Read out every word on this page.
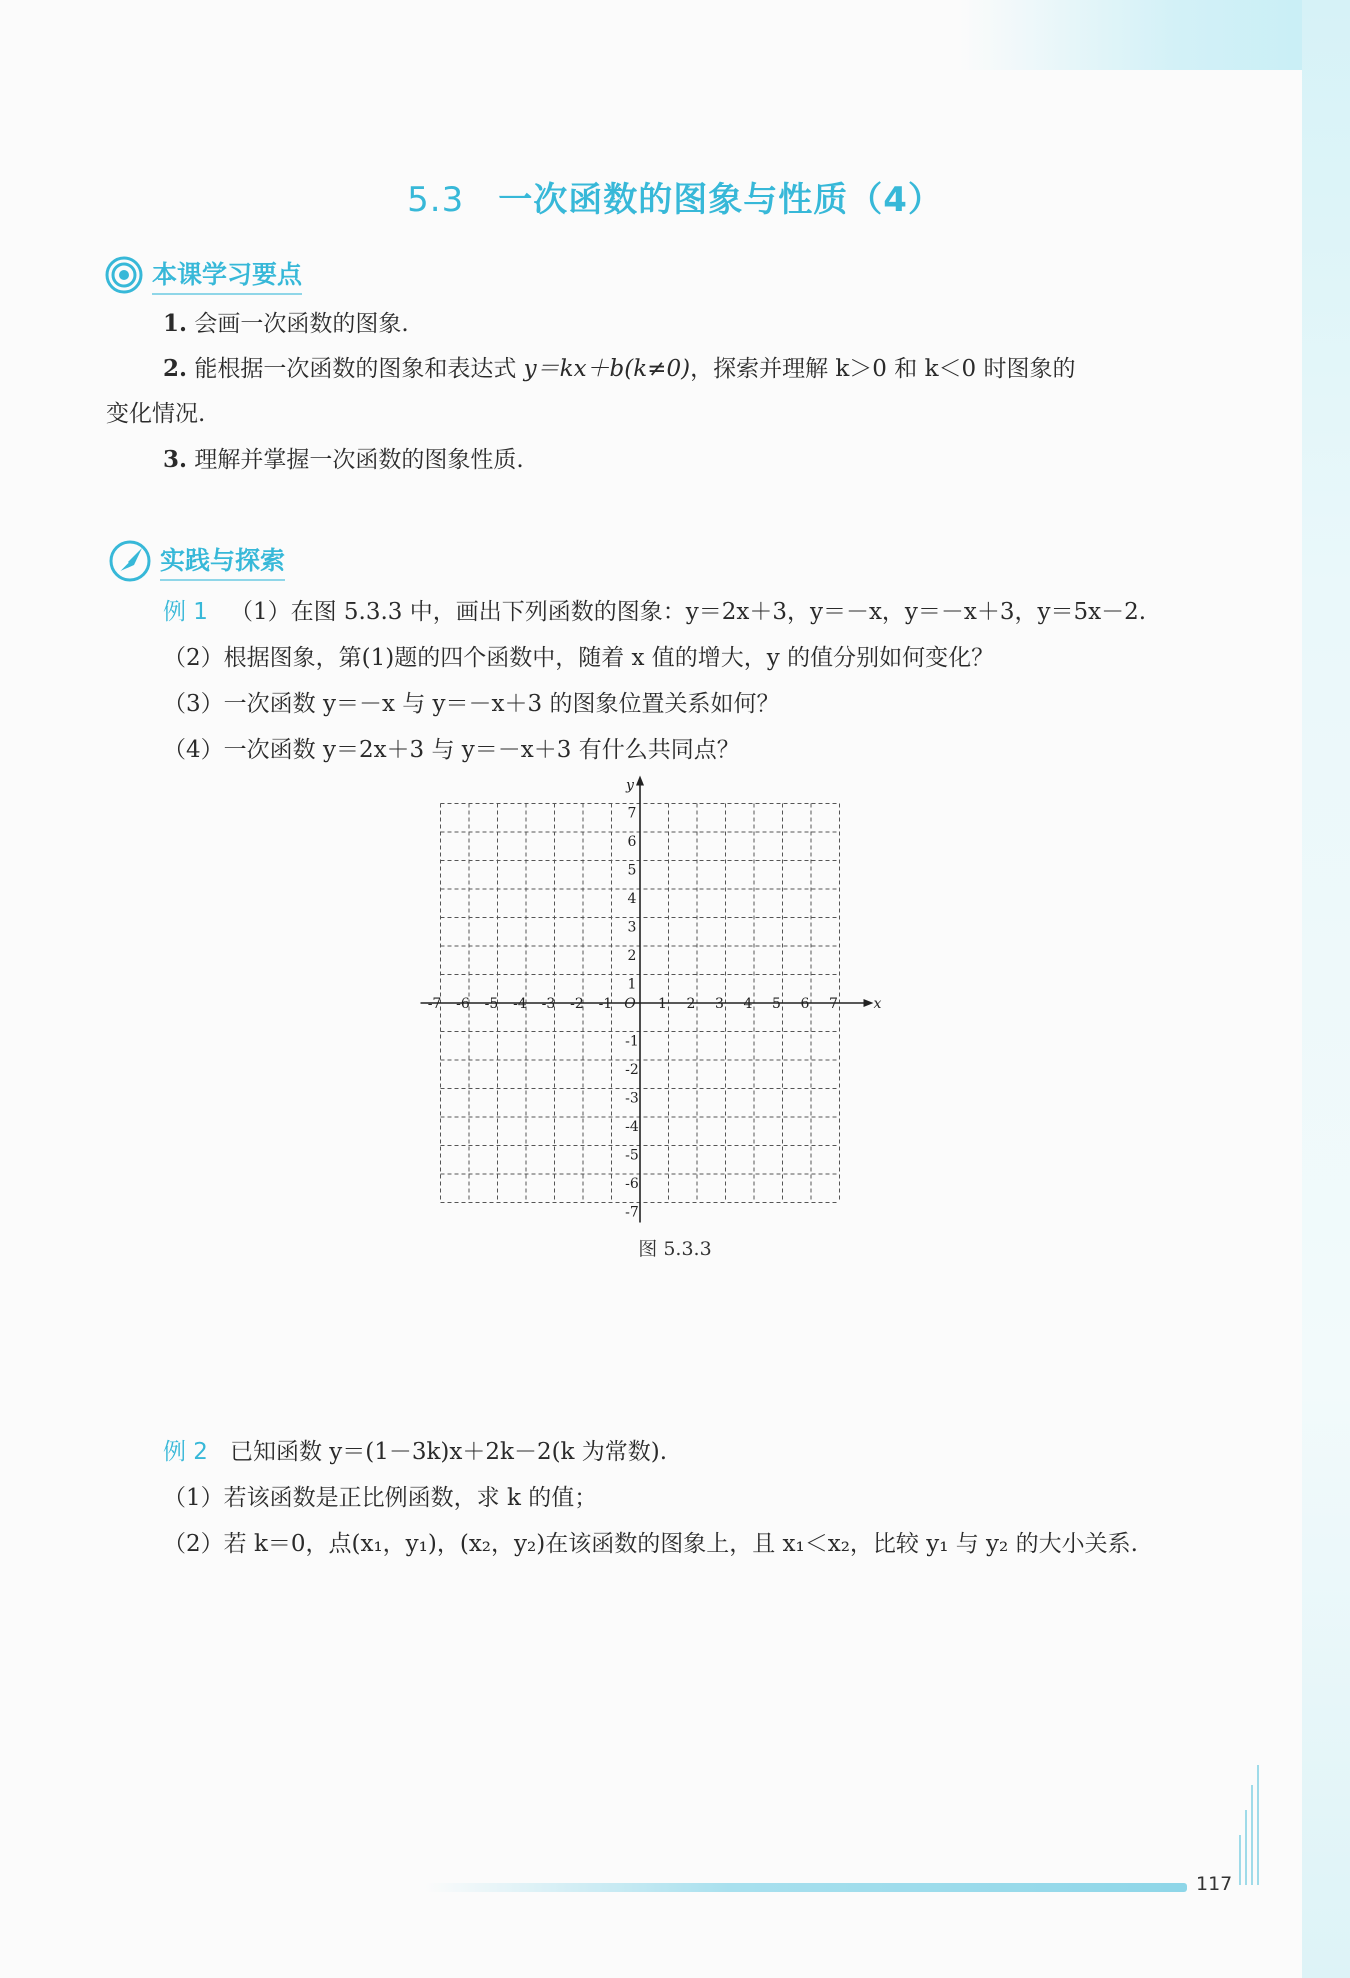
5.3 一次函数的图象与性质（4）
本课学习要点
1. 会画一次函数的图象.
2. 能根据一次函数的图象和表达式 y＝kx＋b(k≠0)，探索并理解 k＞0 和 k＜0 时图象的
变化情况.
3. 理解并掌握一次函数的图象性质.
实践与探索
例 1 （1）在图 5.3.3 中，画出下列函数的图象：y＝2x＋3，y＝－x，y＝－x＋3，y＝5x－2.
（2）根据图象，第(1)题的四个函数中，随着 x 值的增大，y 的值分别如何变化？
（3）一次函数 y＝－x 与 y＝－x＋3 的图象位置关系如何？
（4）一次函数 y＝2x＋3 与 y＝－x＋3 有什么共同点？
-7 -6 -5 -4 -3 -2 -1	1 2 3 4 5 6 7
-7
-6
-5
-4
-3
-2
-1
1
2
3
4
5
6
7
O	x
y
图 5.3.3
例 2 已知函数 y＝(1－3k)x＋2k－2(k 为常数).
（1）若该函数是正比例函数，求 k 的值；
（2）若 k＝0，点(x₁，y₁)，(x₂，y₂)在该函数的图象上，且 x₁＜x₂，比较 y₁ 与 y₂ 的大小关系.
117
